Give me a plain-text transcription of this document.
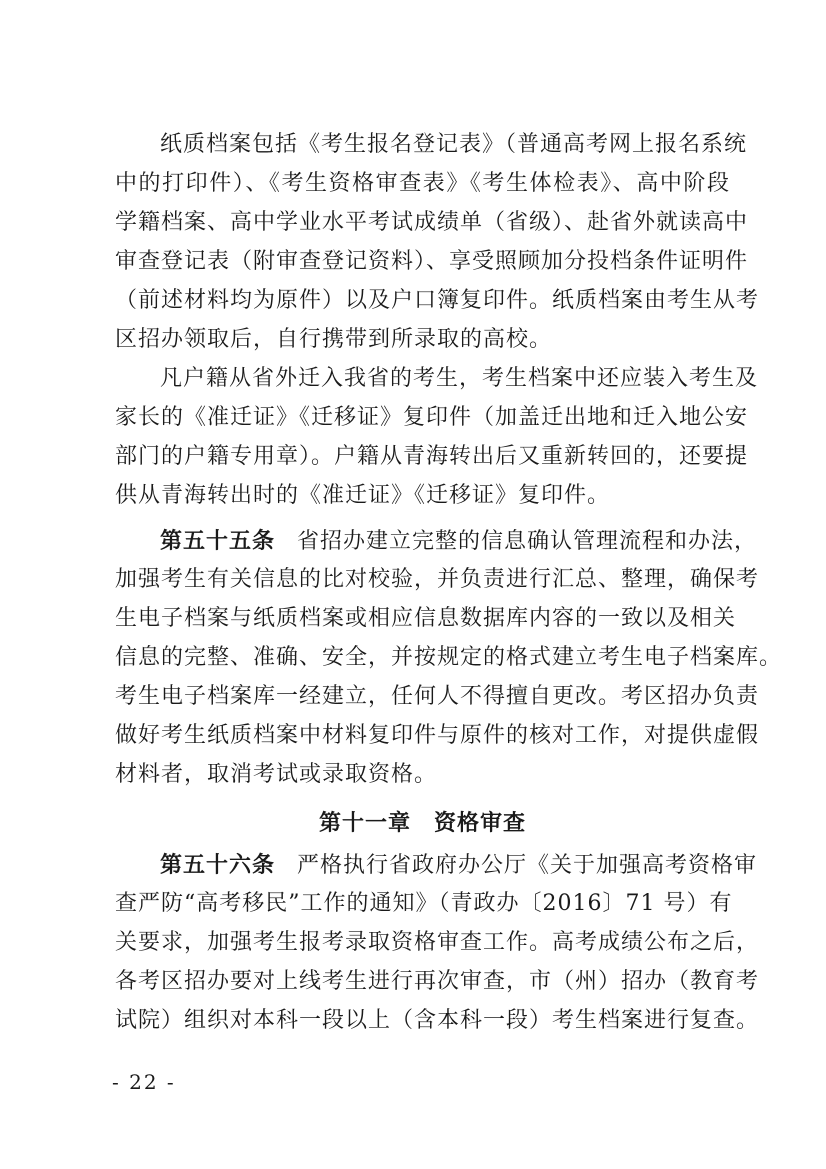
纸质档案包括《考生报名登记表》（普通高考网上报名系统
中的打印件）、《考生资格审查表》《考生体检表》、高中阶段
学籍档案、高中学业水平考试成绩单（省级）、赴省外就读高中
审查登记表（附审查登记资料）、享受照顾加分投档条件证明件
（前述材料均为原件）以及户口簿复印件。纸质档案由考生从考
区招办领取后，自行携带到所录取的高校。
凡户籍从省外迁入我省的考生，考生档案中还应装入考生及
家长的《准迁证》《迁移证》复印件（加盖迁出地和迁入地公安
部门的户籍专用章）。户籍从青海转出后又重新转回的，还要提
供从青海转出时的《准迁证》《迁移证》复印件。
第五十五条 省招办建立完整的信息确认管理流程和办法，
加强考生有关信息的比对校验，并负责进行汇总、整理，确保考
生电子档案与纸质档案或相应信息数据库内容的一致以及相关
信息的完整、准确、安全，并按规定的格式建立考生电子档案库。
考生电子档案库一经建立，任何人不得擅自更改。考区招办负责
做好考生纸质档案中材料复印件与原件的核对工作，对提供虚假
材料者，取消考试或录取资格。
第十一章　资格审查
第五十六条 严格执行省政府办公厅《关于加强高考资格审
查严防“高考移民”工作的通知》（青政办〔2016〕71 号）有
关要求，加强考生报考录取资格审查工作。高考成绩公布之后，
各考区招办要对上线考生进行再次审查，市（州）招办（教育考
试院）组织对本科一段以上（含本科一段）考生档案进行复查。
- 22 -
